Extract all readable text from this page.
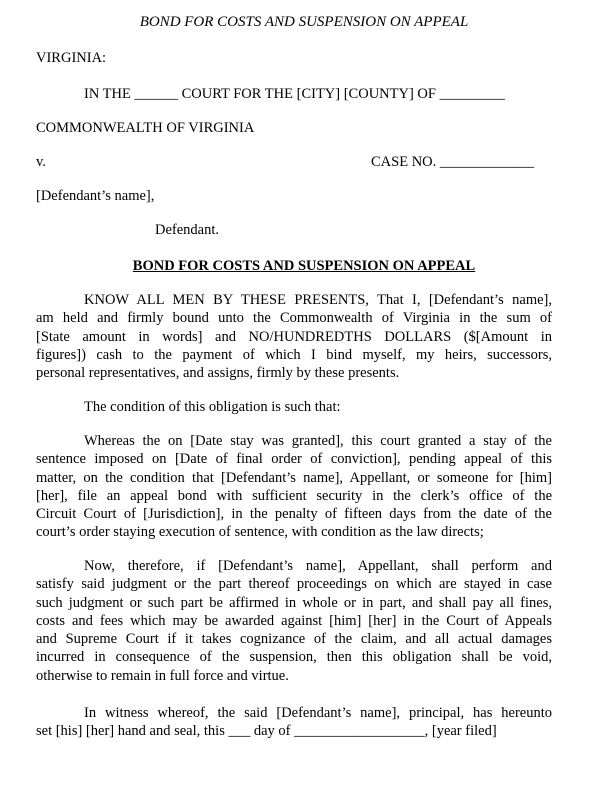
BOND FOR COSTS AND SUSPENSION ON APPEAL
VIRGINIA:
IN THE ______ COURT FOR THE [CITY] [COUNTY] OF _________
COMMONWEALTH OF VIRGINIA
v.	CASE NO. _____________
[Defendant’s name],
Defendant.
BOND FOR COSTS AND SUSPENSION ON APPEAL
KNOW ALL MEN BY THESE PRESENTS, That I, [Defendant’s name],
am held and firmly bound unto the Commonwealth of Virginia in the sum of
[State amount in words] and NO/HUNDREDTHS DOLLARS ($[Amount in
figures]) cash to the payment of which I bind myself, my heirs, successors,
personal representatives, and assigns, firmly by these presents.
The condition of this obligation is such that:
Whereas the on [Date stay was granted], this court granted a stay of the
sentence imposed on [Date of final order of conviction], pending appeal of this
matter, on the condition that [Defendant’s name], Appellant, or someone for [him]
[her], file an appeal bond with sufficient security in the clerk’s office of the
Circuit Court of [Jurisdiction], in the penalty of fifteen days from the date of the
court’s order staying execution of sentence, with condition as the law directs;
Now, therefore, if [Defendant’s name], Appellant, shall perform and
satisfy said judgment or the part thereof proceedings on which are stayed in case
such judgment or such part be affirmed in whole or in part, and shall pay all fines,
costs and fees which may be awarded against [him] [her] in the Court of Appeals
and Supreme Court if it takes cognizance of the claim, and all actual damages
incurred in consequence of the suspension, then this obligation shall be void,
otherwise to remain in full force and virtue.
In witness whereof, the said [Defendant’s name], principal, has hereunto
set [his] [her] hand and seal, this ___ day of __________________, [year filed]
